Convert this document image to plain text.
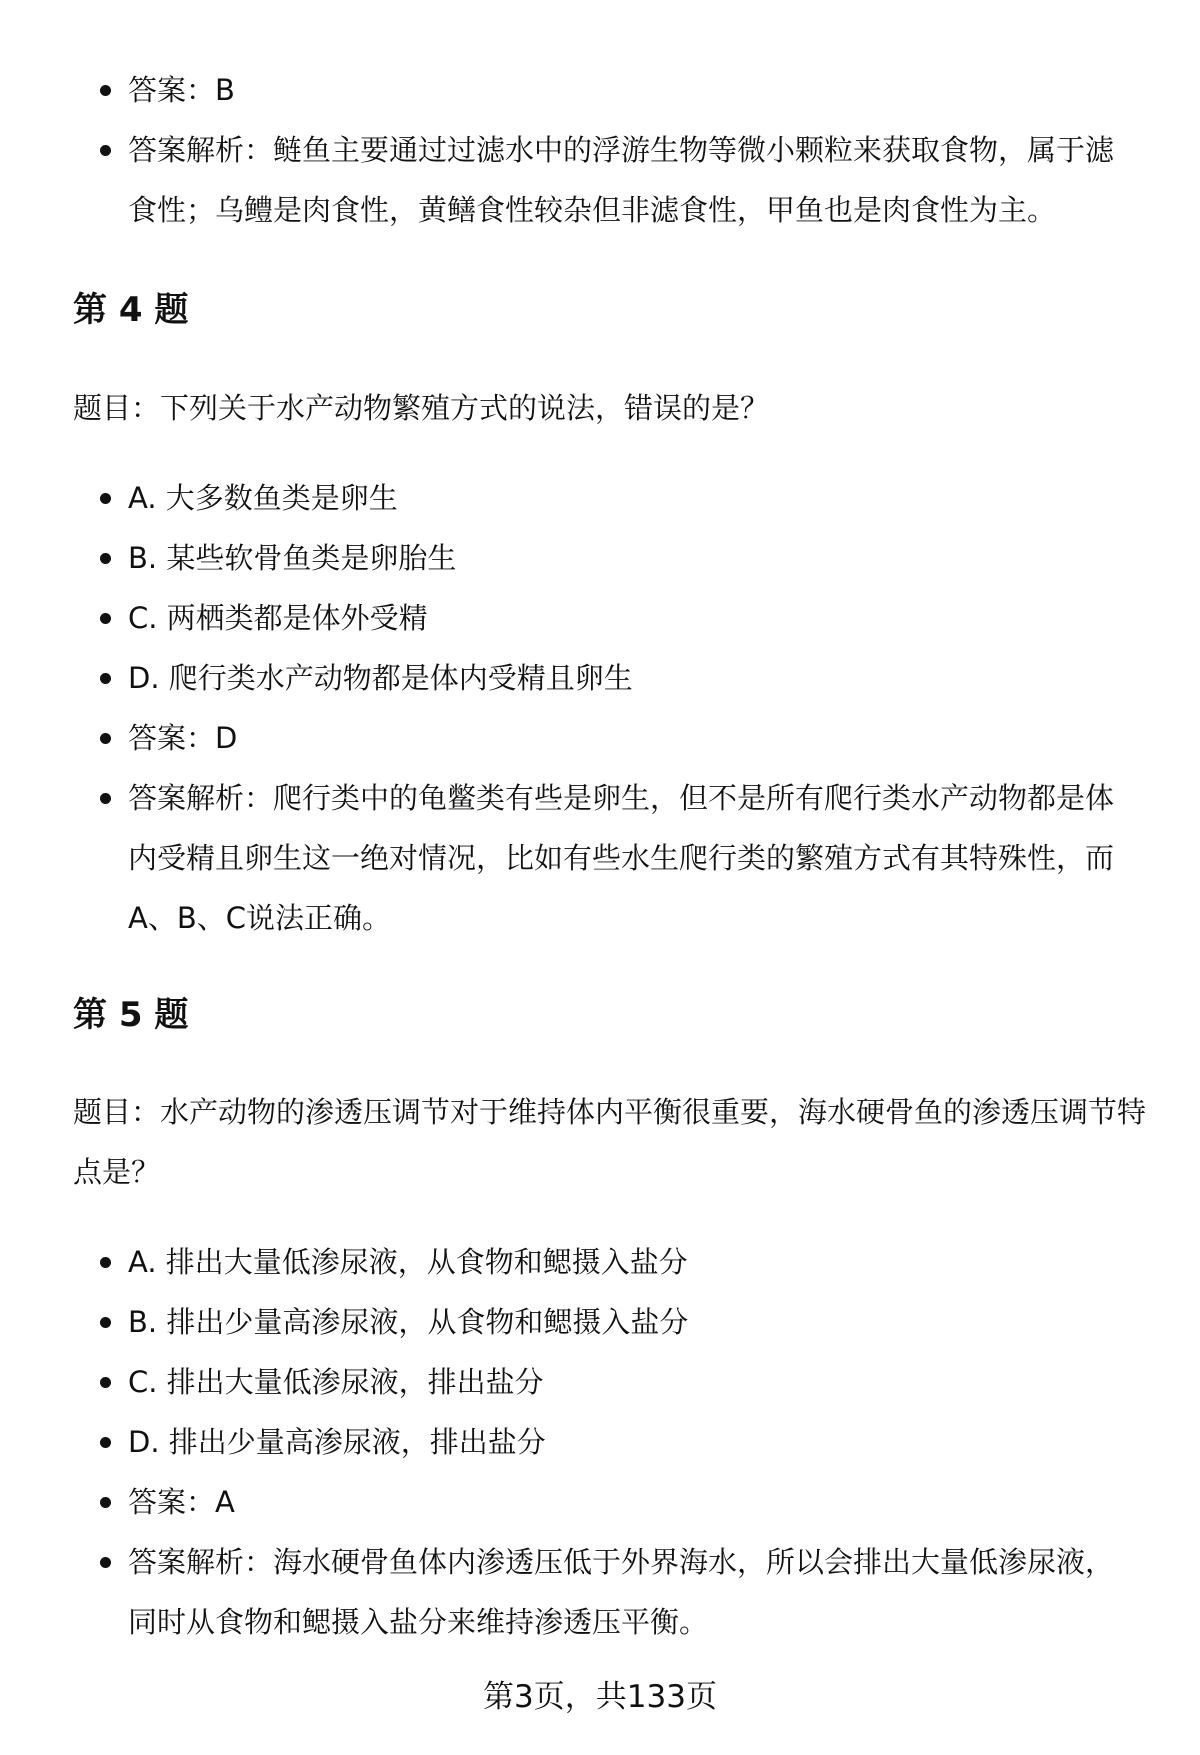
答案：B
答案解析：鲢鱼主要通过过滤水中的浮游生物等微小颗粒来获取食物，属于滤食性；乌鳢是肉食性，黄鳝食性较杂但非滤食性，甲鱼也是肉食性为主。
第 4 题
题目：下列关于水产动物繁殖方式的说法，错误的是？
A. 大多数鱼类是卵生
B. 某些软骨鱼类是卵胎生
C. 两栖类都是体外受精
D. 爬行类水产动物都是体内受精且卵生
答案：D
答案解析：爬行类中的龟鳖类有些是卵生，但不是所有爬行类水产动物都是体内受精且卵生这一绝对情况，比如有些水生爬行类的繁殖方式有其特殊性，而A、B、C说法正确。
第 5 题
题目：水产动物的渗透压调节对于维持体内平衡很重要，海水硬骨鱼的渗透压调节特点是？
A. 排出大量低渗尿液，从食物和鳃摄入盐分
B. 排出少量高渗尿液，从食物和鳃摄入盐分
C. 排出大量低渗尿液，排出盐分
D. 排出少量高渗尿液，排出盐分
答案：A
答案解析：海水硬骨鱼体内渗透压低于外界海水，所以会排出大量低渗尿液，同时从食物和鳃摄入盐分来维持渗透压平衡。
第3页，共133页
